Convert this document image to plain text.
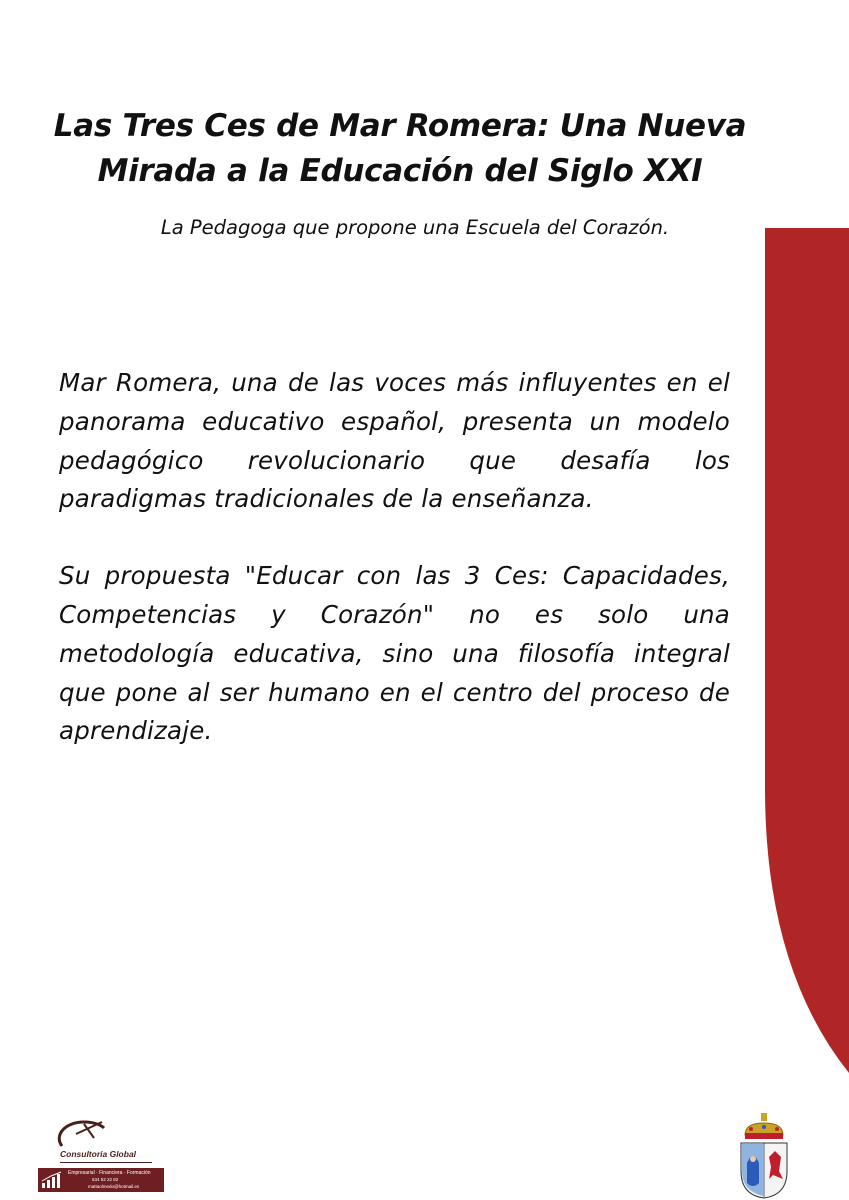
Las Tres Ces de Mar Romera: Una Nueva
Mirada a la Educación del Siglo XXI

La Pedagoga que propone una Escuela del Corazón.

Mar Romera, una de las voces más influyentes en el panorama educativo español, presenta un modelo pedagógico revolucionario que desafía los paradigmas tradicionales de la enseñanza.

Su propuesta "Educar con las 3 Ces: Capacidades, Competencias y Corazón" no es solo una metodología educativa, sino una filosofía integral que pone al ser humano en el centro del proceso de aprendizaje.

Consultoria Global
Empresarial · Financiera · Formación
634 52 22 82
mattaolmedo@hotmail.es
